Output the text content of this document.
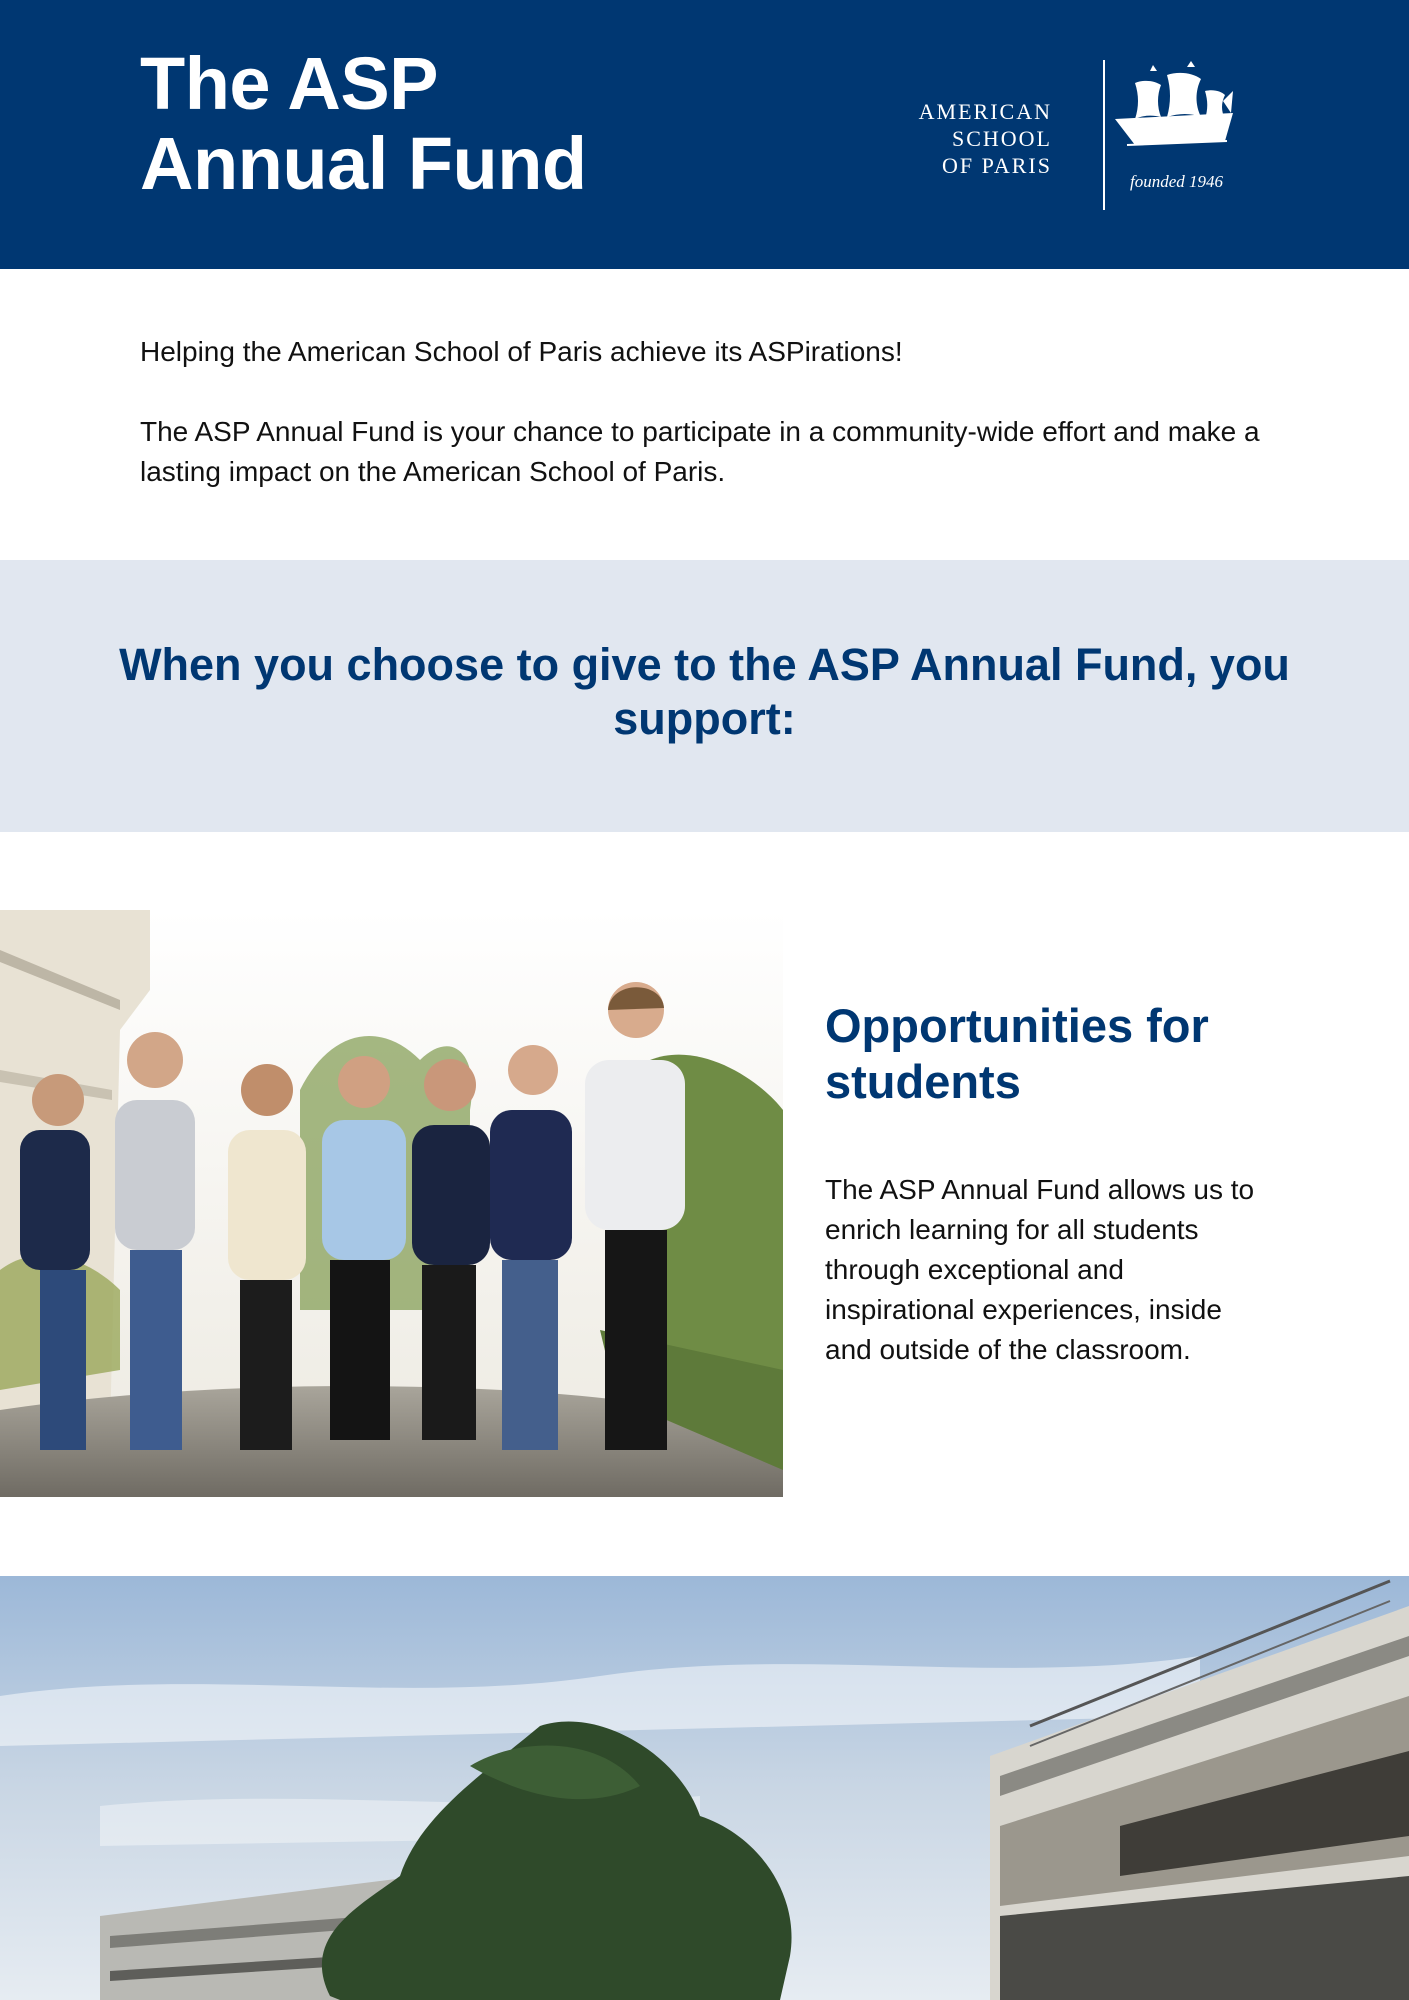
The ASP
Annual Fund
AMERICAN
SCHOOL
OF PARIS
founded 1946

Helping the American School of Paris achieve its ASPirations!

The ASP Annual Fund is your chance to participate in a community-wide effort and make a lasting impact on the American School of Paris.

When you choose to give to the ASP Annual Fund, you support:
Opportunities for students

The ASP Annual Fund allows us to enrich learning for all students through exceptional and inspirational experiences, inside and outside of the classroom.
